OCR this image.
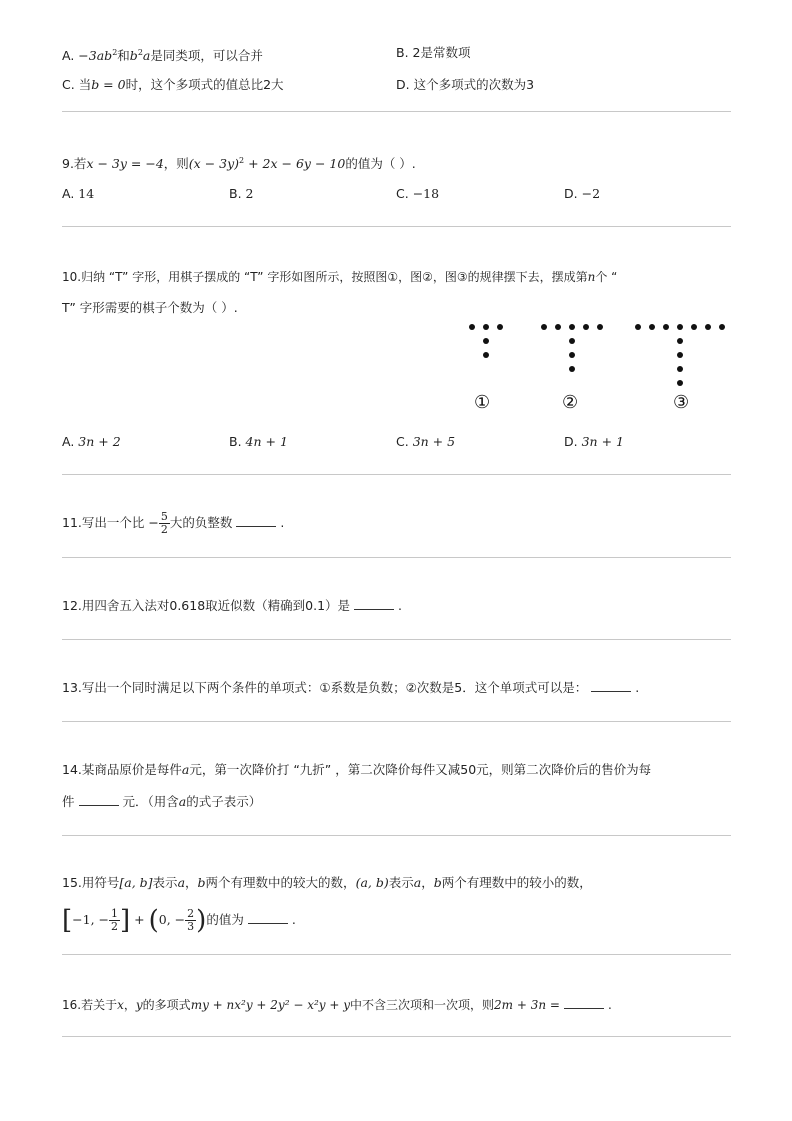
A. $-3ab^2$和$b^2a$是同类项，可以合并	B. 2是常数项
C. 当b = 0时，这个多项式的值总比2大	D. 这个多项式的次数为3
9.若x − 3y = −4，则$(x - 3y)^2 + 2x - 6y - 10$的值为（ ）.
A. 14	B. 2	C. −18	D. −2
10.归纳 “T” 字形，用棋子摆成的 “T” 字形如图所示，按照图①，图②，图③的规律摆下去，摆成第n个 “
T” 字形需要的棋子个数为（ ）.
①	②	③
A. 3n + 2	B. 4n + 1	C. 3n + 5	D. 3n + 1
11.写出一个比 − $\frac{5}{2}$ 大的负整数	.
12.用四舍五入法对0.618取近似数（精确到0.1）是	.
13.写出一个同时满足以下两个条件的单项式：①系数是负数；②次数是5．这个单项式可以是：	.
14.某商品原价是每件a元，第一次降价打 “九折” ，第二次降价每件又减50元，则第二次降价后的售价为每
件	元．（用含a的式子表示）
15.用符号[a, b]表示a，b两个有理数中的较大的数，(a, b)表示a，b两个有理数中的较小的数，
[−1, − $\frac{1}{2}$ ] + (0, − $\frac{2}{3}$ )的值为	.
16.若关于x，y的多项式my + nx²y + 2y² − x²y + y中不含三次项和一次项，则2m + 3n =	.
